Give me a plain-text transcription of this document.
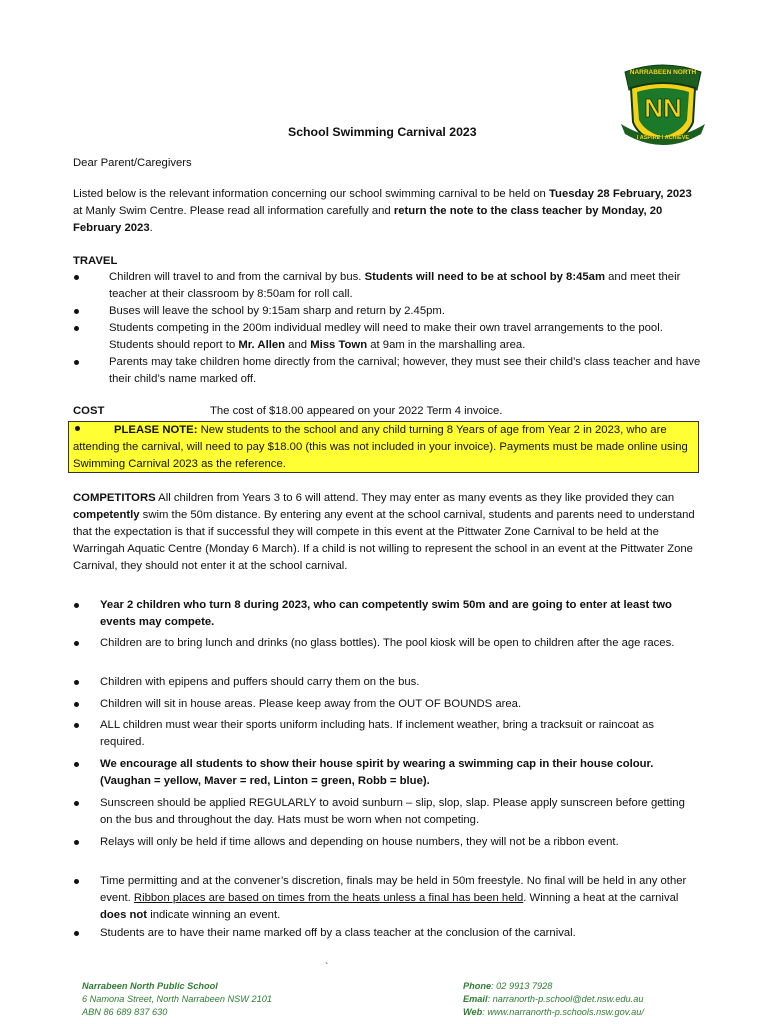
NN
NARRABEEN NORTH
I ASPIRE I ACHIEVE
School Swimming Carnival 2023
Dear Parent/Caregivers
Listed below is the relevant information concerning our school swimming carnival to be held on Tuesday 28 February, 2023 at Manly Swim Centre. Please read all information carefully and return the note to the class teacher by Monday, 20 February 2023.
TRAVEL
Children will travel to and from the carnival by bus. Students will need to be at school by 8:45am and meet their teacher at their classroom by 8:50am for roll call.
Buses will leave the school by 9:15am sharp and return by 2.45pm.
Students competing in the 200m individual medley will need to make their own travel arrangements to the pool. Students should report to Mr. Allen and Miss Town at 9am in the marshalling area.
Parents may take children home directly from the carnival; however, they must see their child’s class teacher and have their child’s name marked off.
COST	The cost of $18.00 appeared on your 2022 Term 4 invoice.
PLEASE NOTE: New students to the school and any child turning 8 Years of age from Year 2 in 2023, who are attending the carnival, will need to pay $18.00 (this was not included in your invoice). Payments must be made online using Swimming Carnival 2023 as the reference.
COMPETITORS All children from Years 3 to 6 will attend. They may enter as many events as they like provided they can competently swim the 50m distance. By entering any event at the school carnival, students and parents need to understand that the expectation is that if successful they will compete in this event at the Pittwater Zone Carnival to be held at the Warringah Aquatic Centre (Monday 6 March). If a child is not willing to represent the school in an event at the Pittwater Zone Carnival, they should not enter it at the school carnival.
Year 2 children who turn 8 during 2023, who can competently swim 50m and are going to enter at least two events may compete.
Children are to bring lunch and drinks (no glass bottles). The pool kiosk will be open to children after the age races.
Children with epipens and puffers should carry them on the bus.
Children will sit in house areas. Please keep away from the OUT OF BOUNDS area.
ALL children must wear their sports uniform including hats. If inclement weather, bring a tracksuit or raincoat as required.
We encourage all students to show their house spirit by wearing a swimming cap in their house colour. (Vaughan = yellow, Maver = red, Linton = green, Robb = blue).
Sunscreen should be applied REGULARLY to avoid sunburn – slip, slop, slap. Please apply sunscreen before getting on the bus and throughout the day. Hats must be worn when not competing.
Relays will only be held if time allows and depending on house numbers, they will not be a ribbon event.
Time permitting and at the convener’s discretion, finals may be held in 50m freestyle. No final will be held in any other event. Ribbon places are based on times from the heats unless a final has been held. Winning a heat at the carnival does not indicate winning an event.
Students are to have their name marked off by a class teacher at the conclusion of the carnival.
`
Narrabeen North Public School
6 Namona Street, North Narrabeen NSW 2101
ABN 86 689 837 630
Phone: 02 9913 7928
Email: narranorth-p.school@det.nsw.edu.au
Web: www.narranorth-p.schools.nsw.gov.au/
